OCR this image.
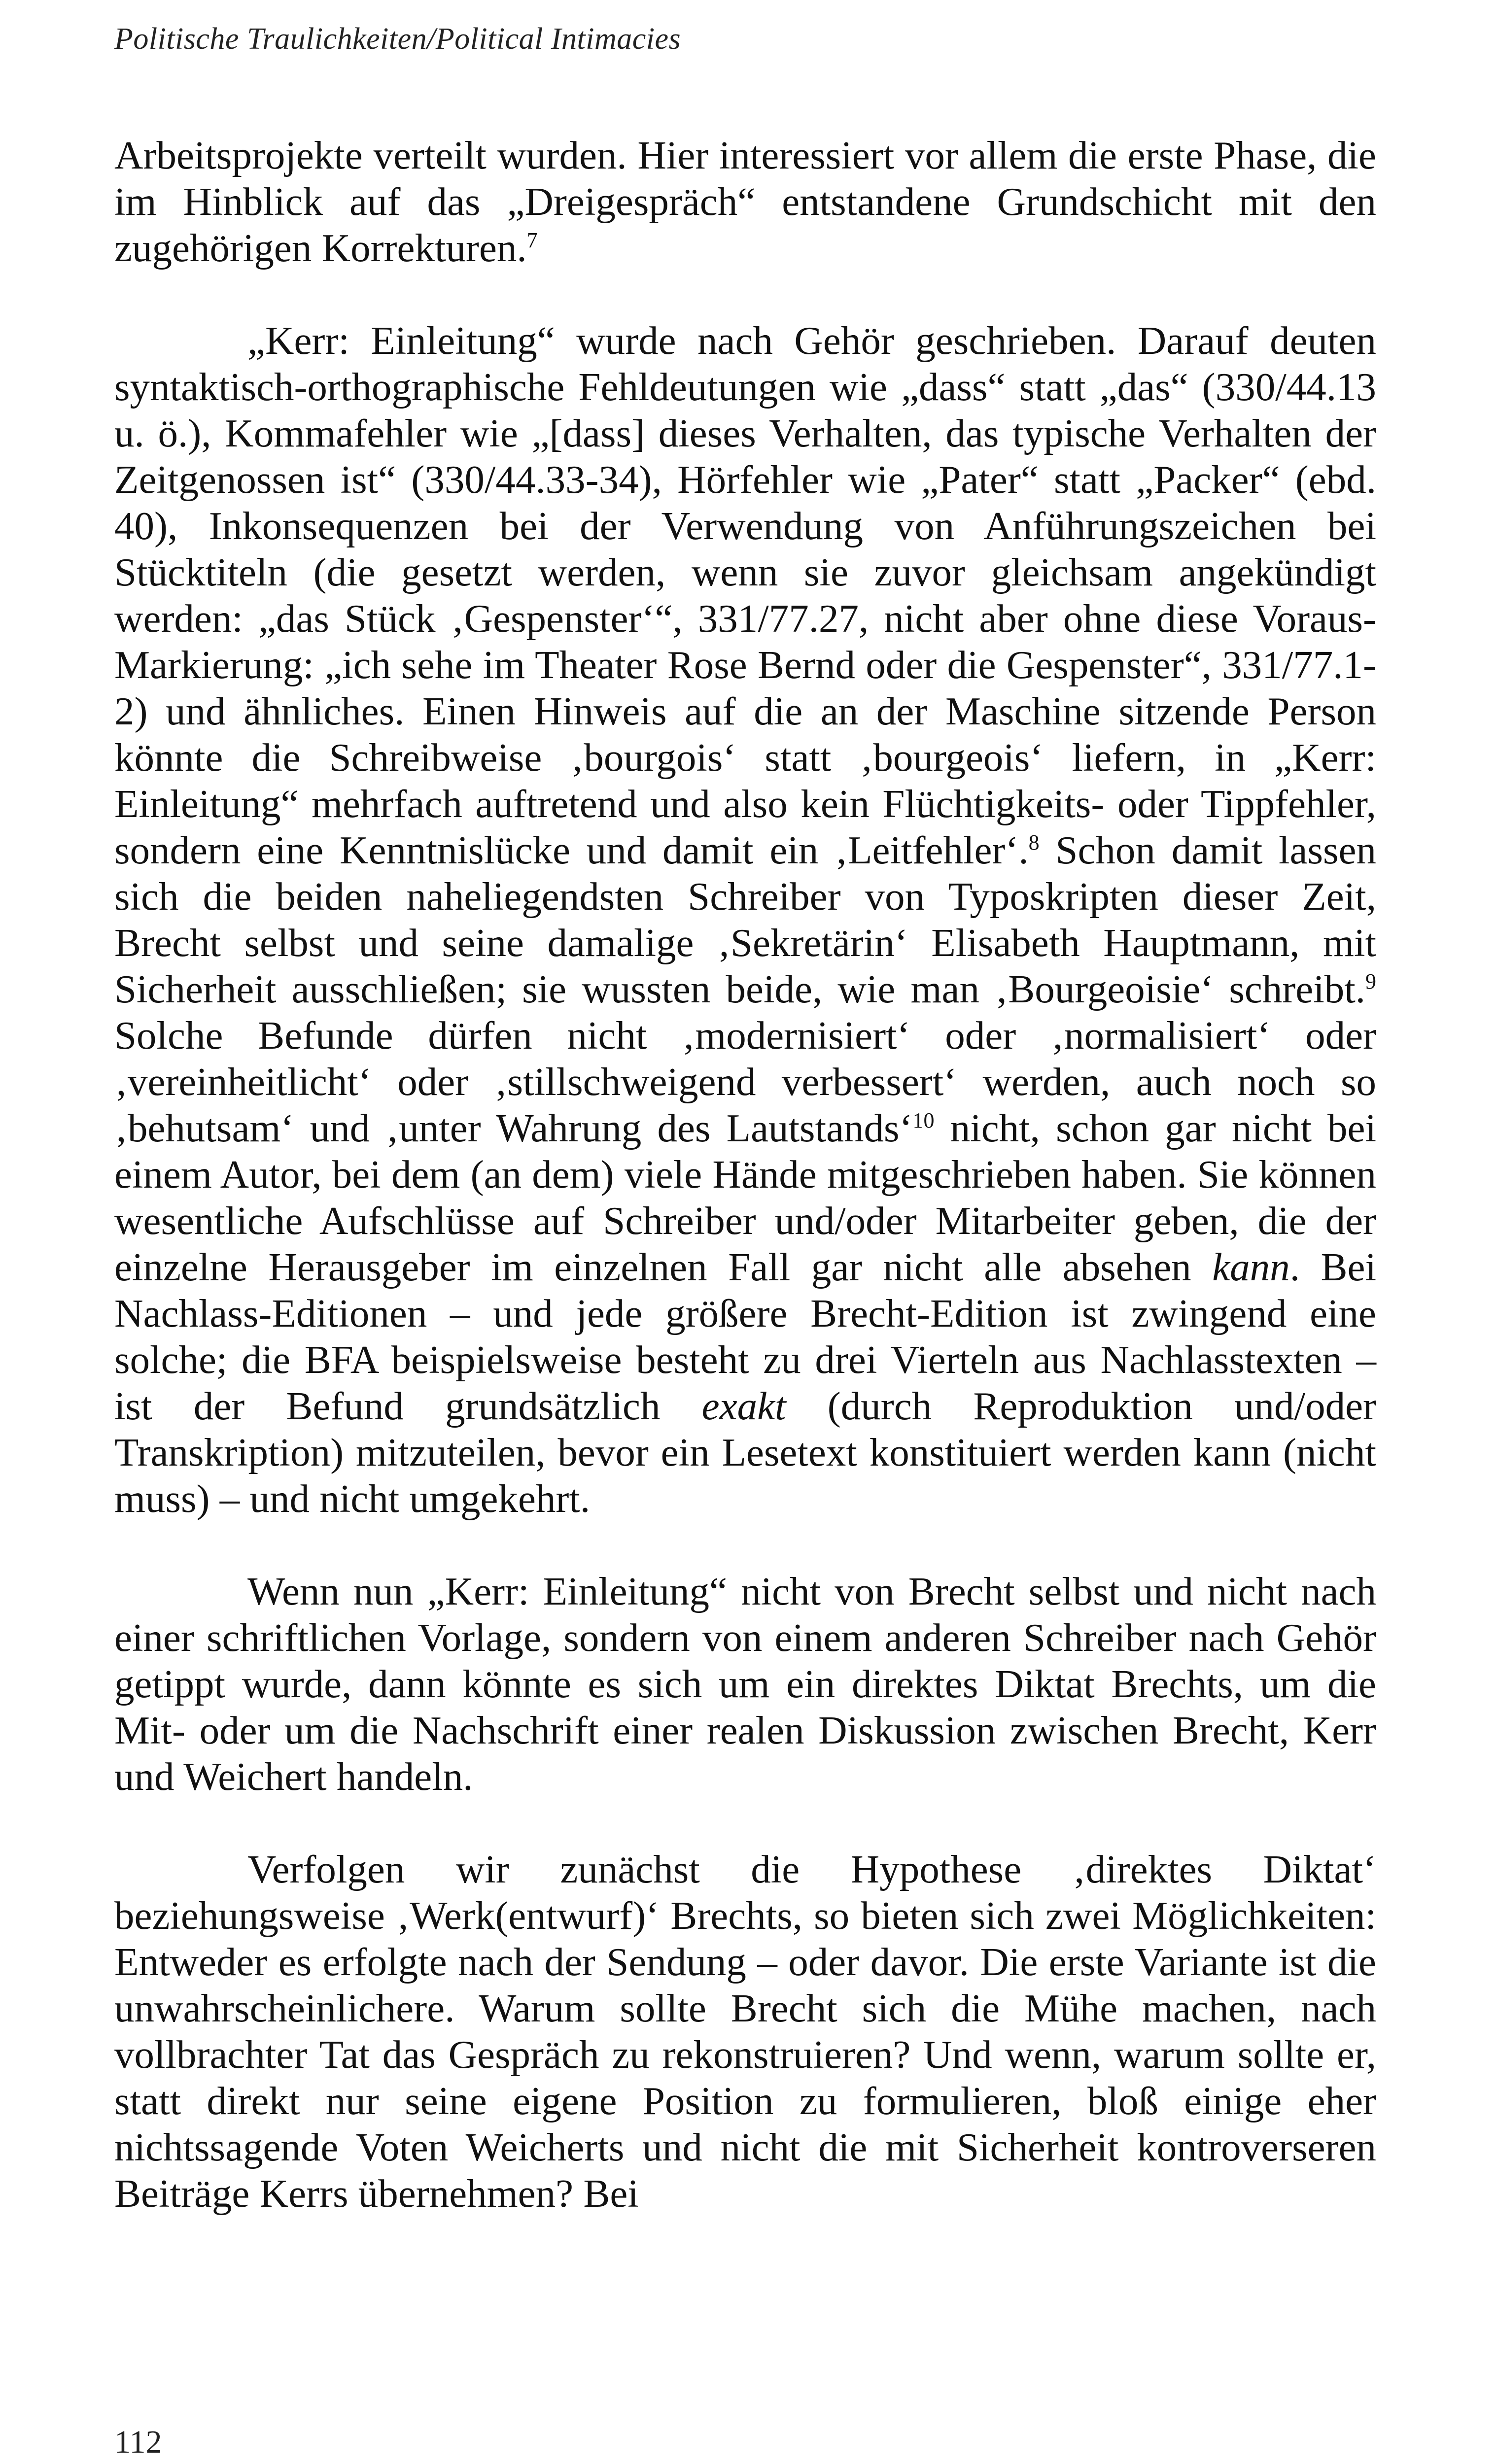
Politische Traulichkeiten/Political Intimacies

Arbeitsprojekte verteilt wurden. Hier interessiert vor allem die erste Phase, die im Hinblick auf das „Dreigespräch“ entstandene Grundschicht mit den zugehörigen Korrekturen.$^7$

„Kerr: Einleitung“ wurde nach Gehör geschrieben. Darauf deuten syntaktisch-orthographische Fehldeutungen wie „dass“ statt „das“ (330/44.13 u. ö.), Kommafehler wie „[dass] dieses Verhalten, das typische Verhalten der Zeitgenossen ist“ (330/44.33-34), Hörfehler wie „Pater“ statt „Packer“ (ebd. 40), Inkonsequenzen bei der Verwendung von Anführungszeichen bei Stücktiteln (die gesetzt werden, wenn sie zuvor gleichsam angekündigt werden: „das Stück ‚Gespenster‘“, 331/77.27, nicht aber ohne diese Voraus-Markierung: „ich sehe im Theater Rose Bernd oder die Gespenster“, 331/77.1-2) und ähnliches. Einen Hinweis auf die an der Maschine sitzende Person könnte die Schreibweise ‚bourgois‘ statt ‚bourgeois‘ liefern, in „Kerr: Einleitung“ mehrfach auftretend und also kein Flüchtigkeits- oder Tippfehler, sondern eine Kenntnislücke und damit ein ‚Leitfehler‘.$^8$ Schon damit lassen sich die beiden naheliegendsten Schreiber von Typoskripten dieser Zeit, Brecht selbst und seine damalige ‚Sekretärin‘ Elisabeth Hauptmann, mit Sicherheit ausschließen; sie wussten beide, wie man ‚Bourgeoisie‘ schreibt.$^9$ Solche Befunde dürfen nicht ‚modernisiert‘ oder ‚normalisiert‘ oder ‚vereinheitlicht‘ oder ‚stillschweigend verbessert‘ werden, auch noch so ‚behutsam‘ und ‚unter Wahrung des Lautstands‘$^{10}$ nicht, schon gar nicht bei einem Autor, bei dem (an dem) viele Hände mitgeschrieben haben. Sie können wesentliche Aufschlüsse auf Schreiber und/oder Mitarbeiter geben, die der einzelne Herausgeber im einzelnen Fall gar nicht alle absehen kann. Bei Nachlass-Editionen – und jede größere Brecht-Edition ist zwingend eine solche; die BFA beispielsweise besteht zu drei Vierteln aus Nachlasstexten – ist der Befund grundsätzlich exakt (durch Reproduktion und/oder Transkription) mitzuteilen, bevor ein Lesetext konstituiert werden kann (nicht muss) – und nicht umgekehrt.

Wenn nun „Kerr: Einleitung“ nicht von Brecht selbst und nicht nach einer schriftlichen Vorlage, sondern von einem anderen Schreiber nach Gehör getippt wurde, dann könnte es sich um ein direktes Diktat Brechts, um die Mit- oder um die Nachschrift einer realen Diskussion zwischen Brecht, Kerr und Weichert handeln.

Verfolgen wir zunächst die Hypothese ‚direktes Diktat‘ beziehungsweise ‚Werk(entwurf)‘ Brechts, so bieten sich zwei Möglichkeiten: Entweder es erfolgte nach der Sendung – oder davor. Die erste Variante ist die unwahrscheinlichere. Warum sollte Brecht sich die Mühe machen, nach vollbrachter Tat das Gespräch zu rekonstruieren? Und wenn, warum sollte er, statt direkt nur seine eigene Position zu formulieren, bloß einige eher nichtssagende Voten Weicherts und nicht die mit Sicherheit kontroverseren Beiträge Kerrs übernehmen? Bei

112
